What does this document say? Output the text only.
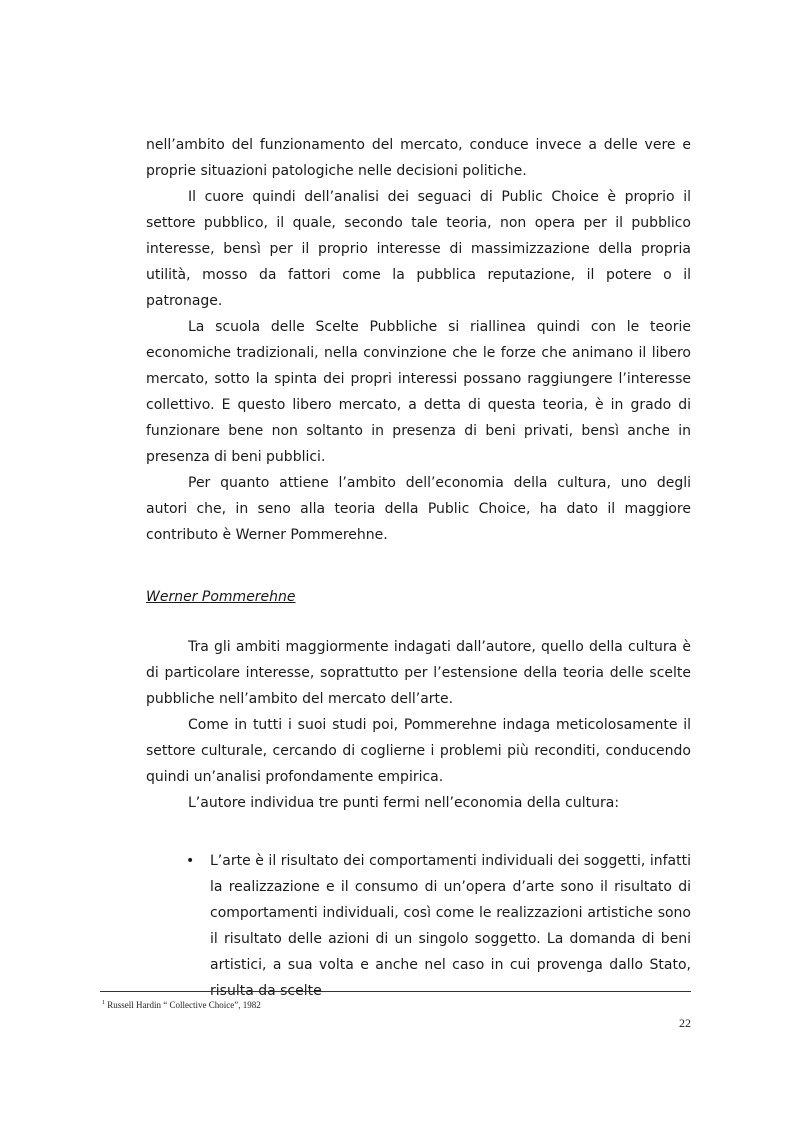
nell’ambito del funzionamento del mercato, conduce invece a delle vere e proprie situazioni patologiche nelle decisioni politiche.

Il cuore quindi dell’analisi dei seguaci di Public Choice è proprio il settore pubblico, il quale, secondo tale teoria, non opera per il pubblico interesse, bensì per il proprio interesse di massimizzazione della propria utilità, mosso da fattori come la pubblica reputazione, il potere o il patronage.

La scuola delle Scelte Pubbliche si riallinea quindi con le teorie economiche tradizionali, nella convinzione che le forze che animano il libero mercato, sotto la spinta dei propri interessi possano raggiungere l’interesse collettivo. E questo libero mercato, a detta di questa teoria, è in grado di funzionare bene non soltanto in presenza di beni privati, bensì anche in presenza di beni pubblici.

Per quanto attiene l’ambito dell’economia della cultura, uno degli autori che, in seno alla teoria della Public Choice, ha dato il maggiore contributo è Werner Pommerehne.

Werner Pommerehne

Tra gli ambiti maggiormente indagati dall’autore, quello della cultura è di particolare interesse, soprattutto per l’estensione della teoria delle scelte pubbliche nell’ambito del mercato dell’arte.

Come in tutti i suoi studi poi, Pommerehne indaga meticolosamente il settore culturale, cercando di coglierne i problemi più reconditi, conducendo quindi un’analisi profondamente empirica.

L’autore individua tre punti fermi nell’economia della cultura:

• L’arte è il risultato dei comportamenti individuali dei soggetti, infatti la realizzazione e il consumo di un’opera d’arte sono il risultato di comportamenti individuali, così come le realizzazioni artistiche sono il risultato delle azioni di un singolo soggetto. La domanda di beni artistici, a sua volta e anche nel caso in cui provenga dallo Stato, risulta da scelte
$^1$ Russell Hardin “ Collective Choice”, 1982
22
